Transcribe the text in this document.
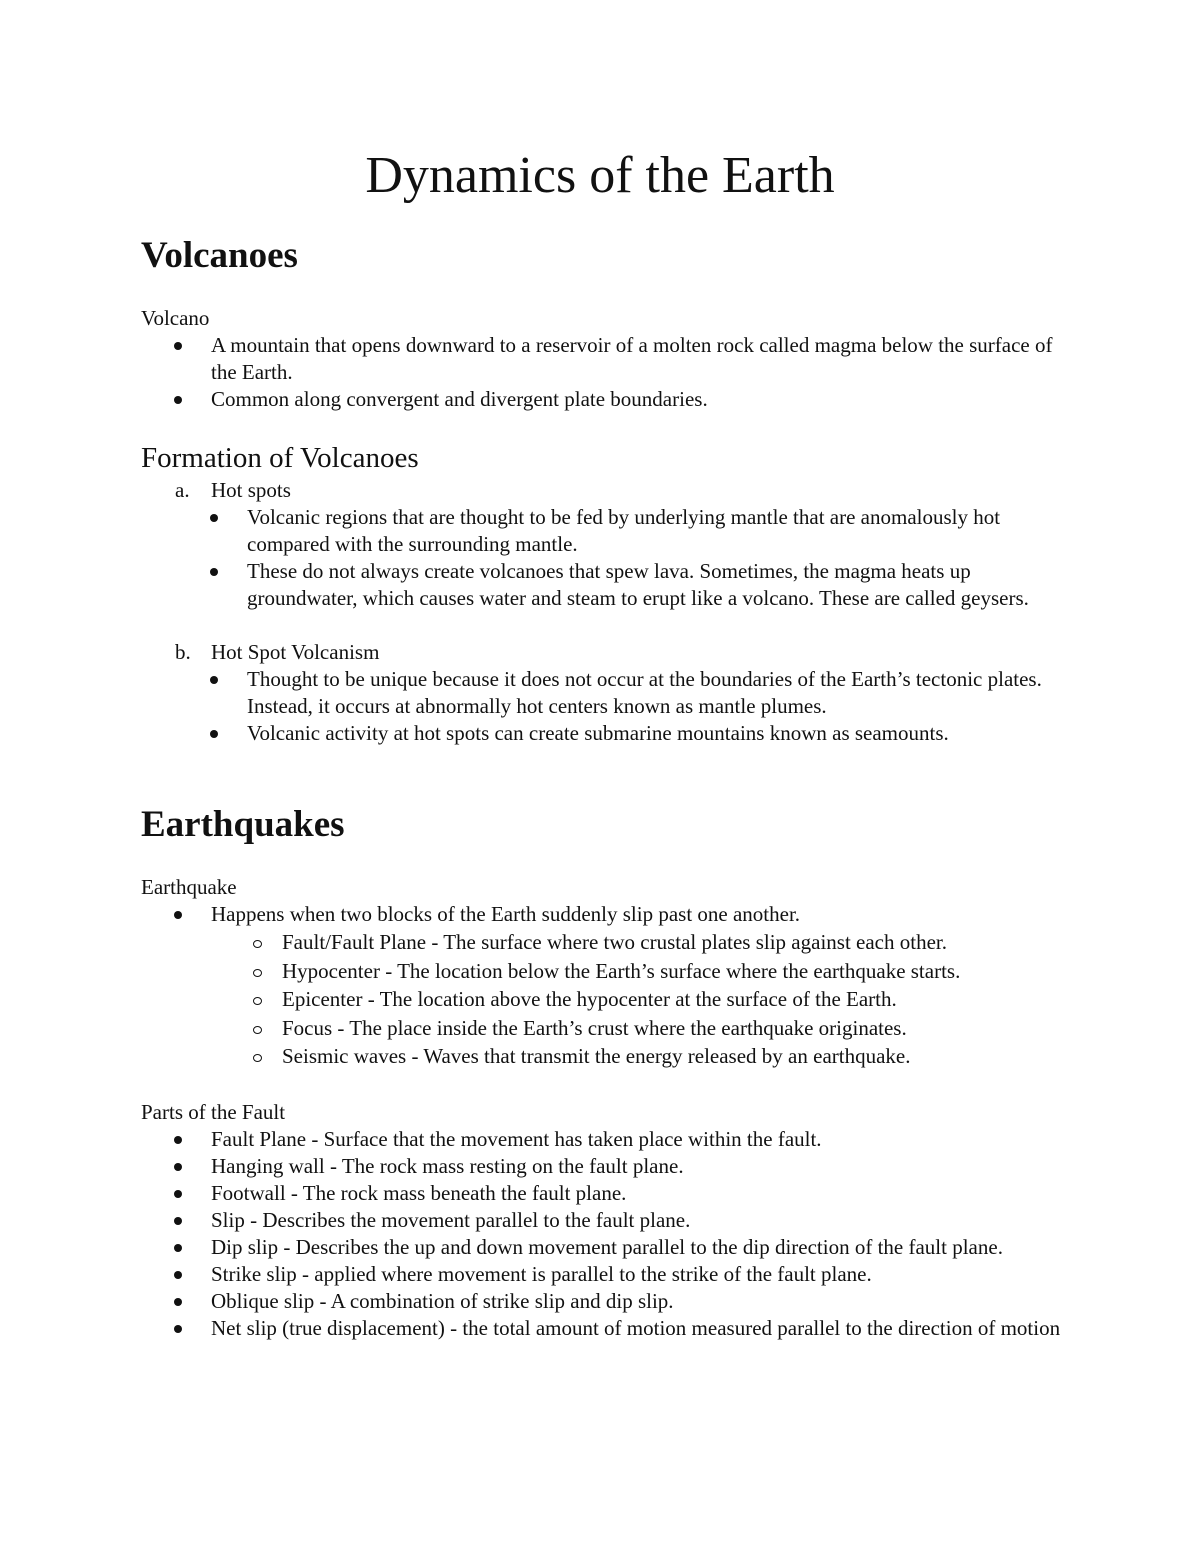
Dynamics of the Earth
Volcanoes
Volcano
A mountain that opens downward to a reservoir of a molten rock called magma below the surface of the Earth.
Common along convergent and divergent plate boundaries.
Formation of Volcanoes
a. Hot spots
Volcanic regions that are thought to be fed by underlying mantle that are anomalously hot compared with the surrounding mantle.
These do not always create volcanoes that spew lava. Sometimes, the magma heats up groundwater, which causes water and steam to erupt like a volcano. These are called geysers.
b. Hot Spot Volcanism
Thought to be unique because it does not occur at the boundaries of the Earth’s tectonic plates. Instead, it occurs at abnormally hot centers known as mantle plumes.
Volcanic activity at hot spots can create submarine mountains known as seamounts.
Earthquakes
Earthquake
Happens when two blocks of the Earth suddenly slip past one another.
Fault/Fault Plane - The surface where two crustal plates slip against each other.
Hypocenter - The location below the Earth’s surface where the earthquake starts.
Epicenter - The location above the hypocenter at the surface of the Earth.
Focus - The place inside the Earth’s crust where the earthquake originates.
Seismic waves - Waves that transmit the energy released by an earthquake.
Parts of the Fault
Fault Plane - Surface that the movement has taken place within the fault.
Hanging wall - The rock mass resting on the fault plane.
Footwall - The rock mass beneath the fault plane.
Slip - Describes the movement parallel to the fault plane.
Dip slip - Describes the up and down movement parallel to the dip direction of the fault plane.
Strike slip - applied where movement is parallel to the strike of the fault plane.
Oblique slip - A combination of strike slip and dip slip.
Net slip (true displacement) - the total amount of motion measured parallel to the direction of motion
